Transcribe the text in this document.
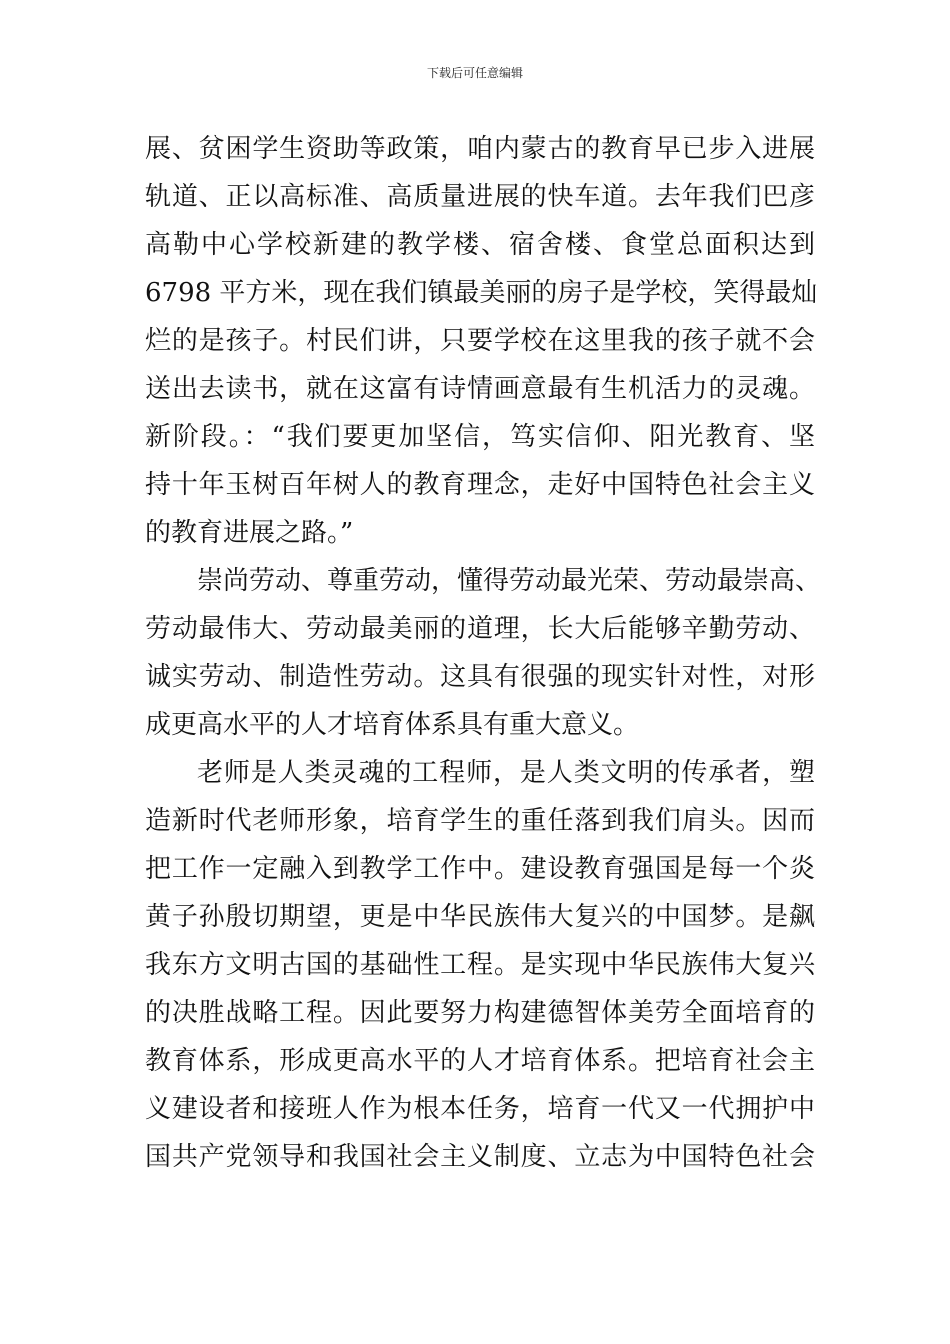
下载后可任意编辑
展、贫困学生资助等政策，咱内蒙古的教育早已步入进展
轨道、正以高标准、高质量进展的快车道。去年我们巴彦
高勒中心学校新建的教学楼、宿舍楼、食堂总面积达到
6798 平方米，现在我们镇最美丽的房子是学校，笑得最灿
烂的是孩子。村民们讲，只要学校在这里我的孩子就不会
送出去读书，就在这富有诗情画意最有生机活力的灵魂。
新阶段。：“我们要更加坚信，笃实信仰、阳光教育、坚
持十年玉树百年树人的教育理念，走好中国特色社会主义
的教育进展之路。”
崇尚劳动、尊重劳动，懂得劳动最光荣、劳动最崇高、
劳动最伟大、劳动最美丽的道理，长大后能够辛勤劳动、
诚实劳动、制造性劳动。这具有很强的现实针对性，对形
成更高水平的人才培育体系具有重大意义。
老师是人类灵魂的工程师，是人类文明的传承者，塑
造新时代老师形象，培育学生的重任落到我们肩头。因而
把工作一定融入到教学工作中。建设教育强国是每一个炎
黄子孙殷切期望，更是中华民族伟大复兴的中国梦。是飙
我东方文明古国的基础性工程。是实现中华民族伟大复兴
的决胜战略工程。因此要努力构建德智体美劳全面培育的
教育体系，形成更高水平的人才培育体系。把培育社会主
义建设者和接班人作为根本任务，培育一代又一代拥护中
国共产党领导和我国社会主义制度、立志为中国特色社会
